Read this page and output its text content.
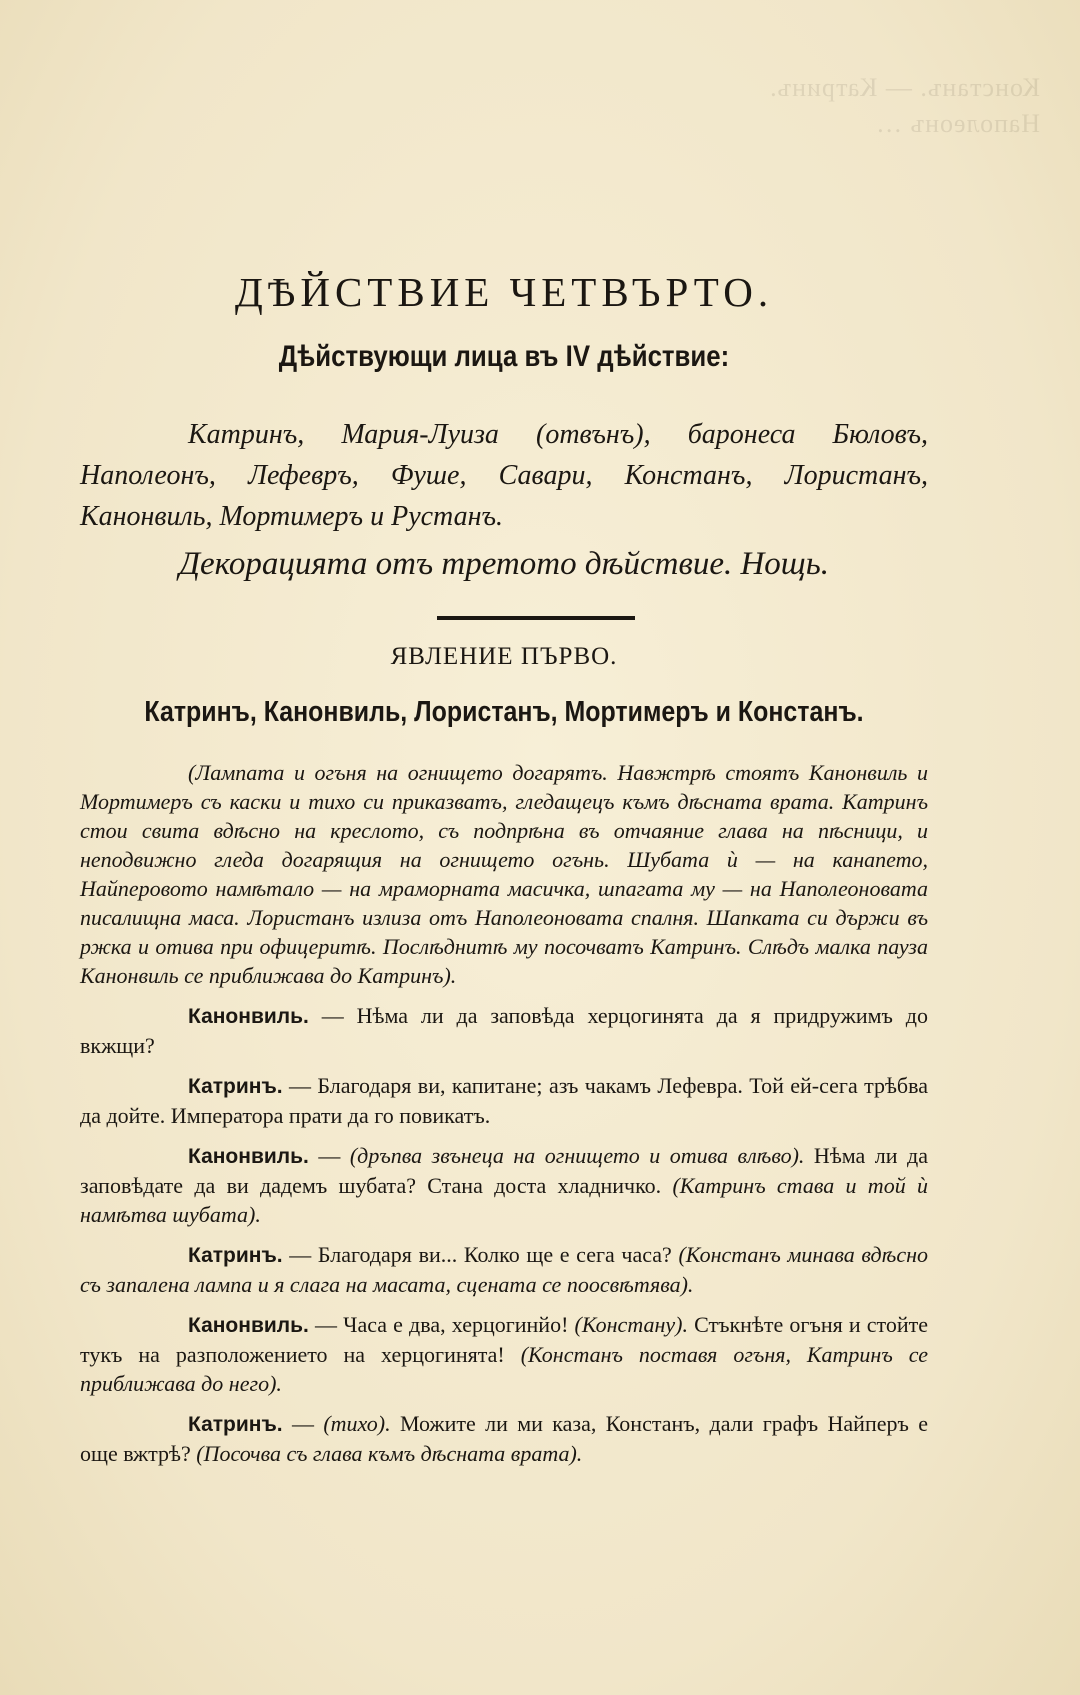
Констанъ. — Катринъ. Наполеонъ …
ДѢЙСТВИЕ ЧЕТВЪРТО.
Дѣйствующи лица въ IV дѣйствие:
Катринъ, Мария-Луиза (отвънъ), баронеса Бюловъ, Наполеонъ, Лефевръ, Фуше, Савари, Констанъ, Лористанъ, Канонвиль, Мортимеръ и Рустанъ.
Декорацията отъ третото дѣйствие. Нощь.
ЯВЛЕНИЕ ПЪРВО.
Катринъ, Канонвиль, Лористанъ, Мортимеръ и Констанъ.

(Лампата и огъня на огнището догарятъ. Навжтрѣ стоятъ Канонвиль и Мортимеръ съ каски и тихо си приказватъ, гледащецъ къмъ дѣсната врата. Катринъ стои свита вдѣсно на креслото, съ подпрѣна въ отчаяние глава на пѣсници, и неподвижно гледа догарящия на огнището огънь. Шубата ѝ — на канапето, Найперовото намѣтало — на мраморната масичка, шпагата му — на Наполеоновата писалищна маса. Лористанъ излиза отъ Наполеоновата спалня. Шапката си държи въ ржка и отива при офицеритѣ. Послѣднитѣ му посочватъ Катринъ. Слѣдъ малка пауза Канонвиль се приближава до Катринъ).

Канонвиль. — Нѣма ли да заповѣда херцогинята да я придружимъ до вкжщи?

Катринъ. — Благодаря ви, капитане; азъ чакамъ Лефевра. Той ей-сега трѣбва да дойте. Императора прати да го повикатъ.

Канонвиль. — (дръпва звънеца на огнището и отива влѣво). Нѣма ли да заповѣдате да ви дадемъ шубата? Стана доста хладничко. (Катринъ става и той ѝ намѣтва шубата).

Катринъ. — Благодаря ви... Колко ще е сега часа? (Констанъ минава вдѣсно съ запалена лампа и я слага на масата, сцената се поосвѣтява).

Канонвиль. — Часа е два, херцогинйо! (Констану). Стъкнѣте огъня и стойте тукъ на разположението на херцогинята! (Констанъ поставя огъня, Катринъ се приближава до него).

Катринъ. — (тихо). Можите ли ми каза, Констанъ, дали графъ Найперъ е още вжтрѣ? (Посочва съ глава къмъ дѣсната врата).
